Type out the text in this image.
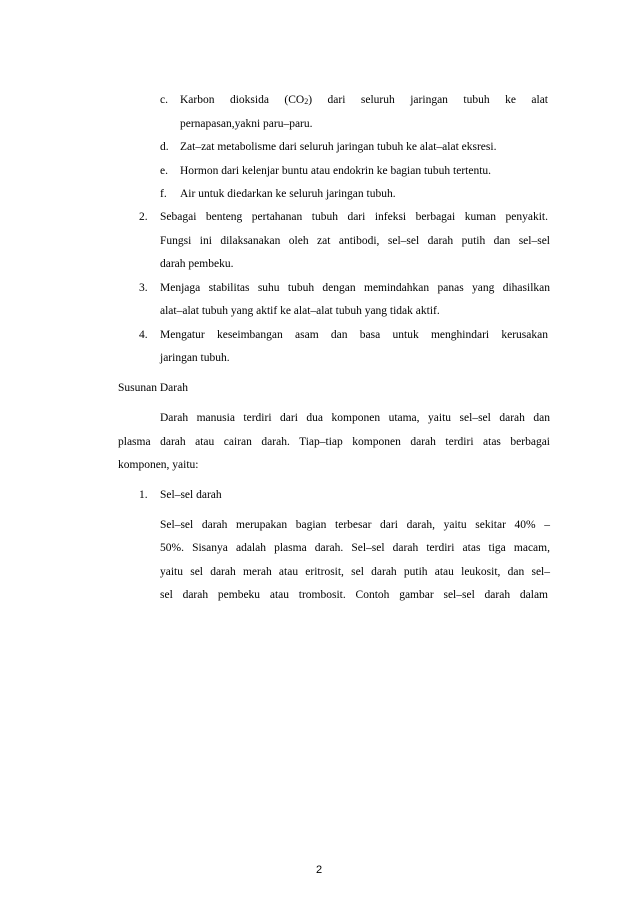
c. Karbon dioksida $(CO_2)$ dari seluruh jaringan tubuh ke alat
pernapasan,yakni paru–paru.
d. Zat–zat metabolisme dari seluruh jaringan tubuh ke alat–alat eksresi.
e. Hormon dari kelenjar buntu atau endokrin ke bagian tubuh tertentu.
f. Air untuk diedarkan ke seluruh jaringan tubuh.
2. Sebagai benteng pertahanan tubuh dari infeksi berbagai kuman penyakit.
Fungsi ini dilaksanakan oleh zat antibodi, sel–sel darah putih dan sel–sel
darah pembeku.
3. Menjaga stabilitas suhu tubuh dengan memindahkan panas yang dihasilkan
alat–alat tubuh yang aktif ke alat–alat tubuh yang tidak aktif.
4. Mengatur keseimbangan asam dan basa untuk menghindari kerusakan
jaringan tubuh.
Susunan Darah
Darah manusia terdiri dari dua komponen utama, yaitu sel–sel darah dan
plasma darah atau cairan darah. Tiap–tiap komponen darah terdiri atas berbagai
komponen, yaitu:
1. Sel–sel darah
Sel–sel darah merupakan bagian terbesar dari darah, yaitu sekitar 40% –
50%. Sisanya adalah plasma darah. Sel–sel darah terdiri atas tiga macam,
yaitu sel darah merah atau eritrosit, sel darah putih atau leukosit, dan sel–
sel darah pembeku atau trombosit. Contoh gambar sel–sel darah dalam
2
